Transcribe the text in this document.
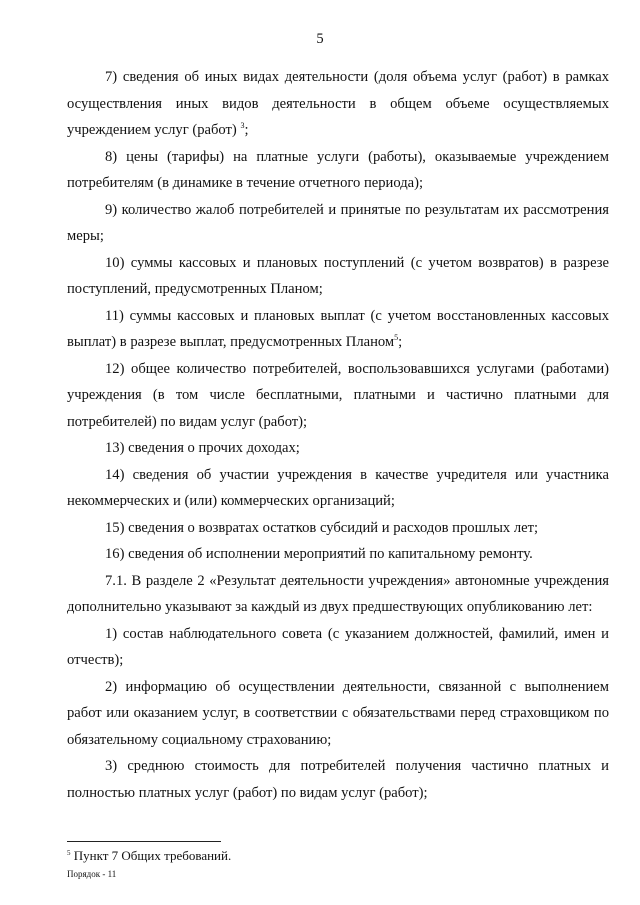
5

7) сведения об иных видах деятельности (доля объема услуг (работ) в рамках осуществления иных видов деятельности в общем объеме осуществляемых учреждением услуг (работ) $^3$;

8) цены (тарифы) на платные услуги (работы), оказываемые учреждением потребителям (в динамике в течение отчетного периода);

9) количество жалоб потребителей и принятые по результатам их рассмотрения меры;

10) суммы кассовых и плановых поступлений (с учетом возвратов) в разрезе поступлений, предусмотренных Планом;

11) суммы кассовых и плановых выплат (с учетом восстановленных кассовых выплат) в разрезе выплат, предусмотренных Планом$^5$;

12) общее количество потребителей, воспользовавшихся услугами (работами) учреждения (в том числе бесплатными, платными и частично платными для потребителей) по видам услуг (работ);

13) сведения о прочих доходах;

14) сведения об участии учреждения в качестве учредителя или участника некоммерческих и (или) коммерческих организаций;

15) сведения о возвратах остатков субсидий и расходов прошлых лет;

16) сведения об исполнении мероприятий по капитальному ремонту.

7.1. В разделе 2 «Результат деятельности учреждения» автономные учреждения дополнительно указывают за каждый из двух предшествующих опубликованию лет:

1) состав наблюдательного совета (с указанием должностей, фамилий, имен и отчеств);

2) информацию об осуществлении деятельности, связанной с выполнением работ или оказанием услуг, в соответствии с обязательствами перед страховщиком по обязательному социальному страхованию;

3) среднюю стоимость для потребителей получения частично платных и полностью платных услуг (работ) по видам услуг (работ);

$^5$ Пункт 7 Общих требований.
Порядок - 11
